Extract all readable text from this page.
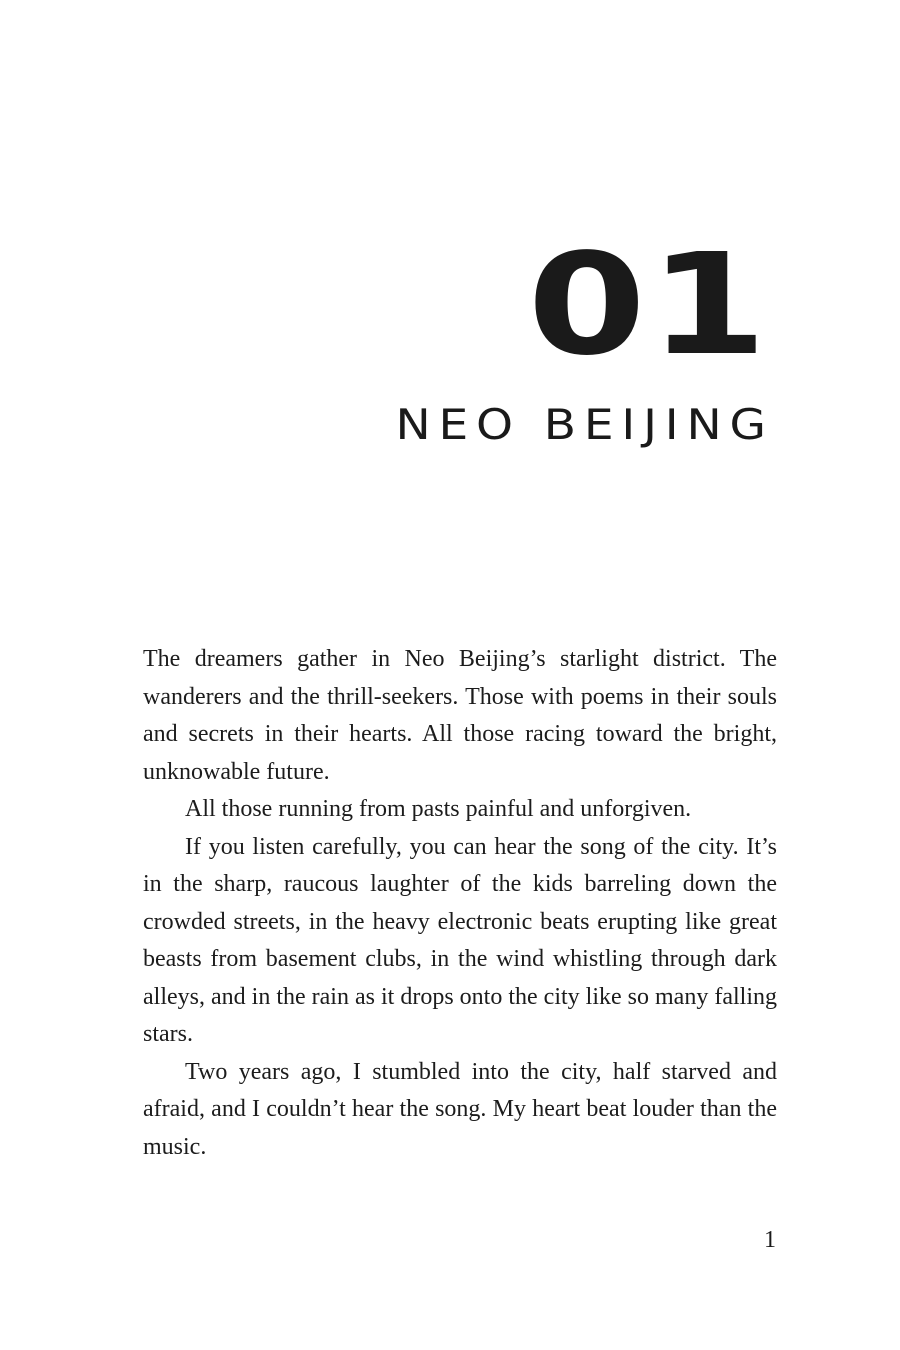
01
NEO BEIJING

The dreamers gather in Neo Beijing’s starlight district. The wanderers and the thrill-seekers. Those with poems in their souls and secrets in their hearts. All those racing toward the bright, unknowable future.

All those running from pasts painful and unforgiven.

If you listen carefully, you can hear the song of the city. It’s in the sharp, raucous laughter of the kids barreling down the crowded streets, in the heavy electronic beats erupting like great beasts from basement clubs, in the wind whistling through dark alleys, and in the rain as it drops onto the city like so many falling stars.

Two years ago, I stumbled into the city, half starved and afraid, and I couldn’t hear the song. My heart beat louder than the music.

1
